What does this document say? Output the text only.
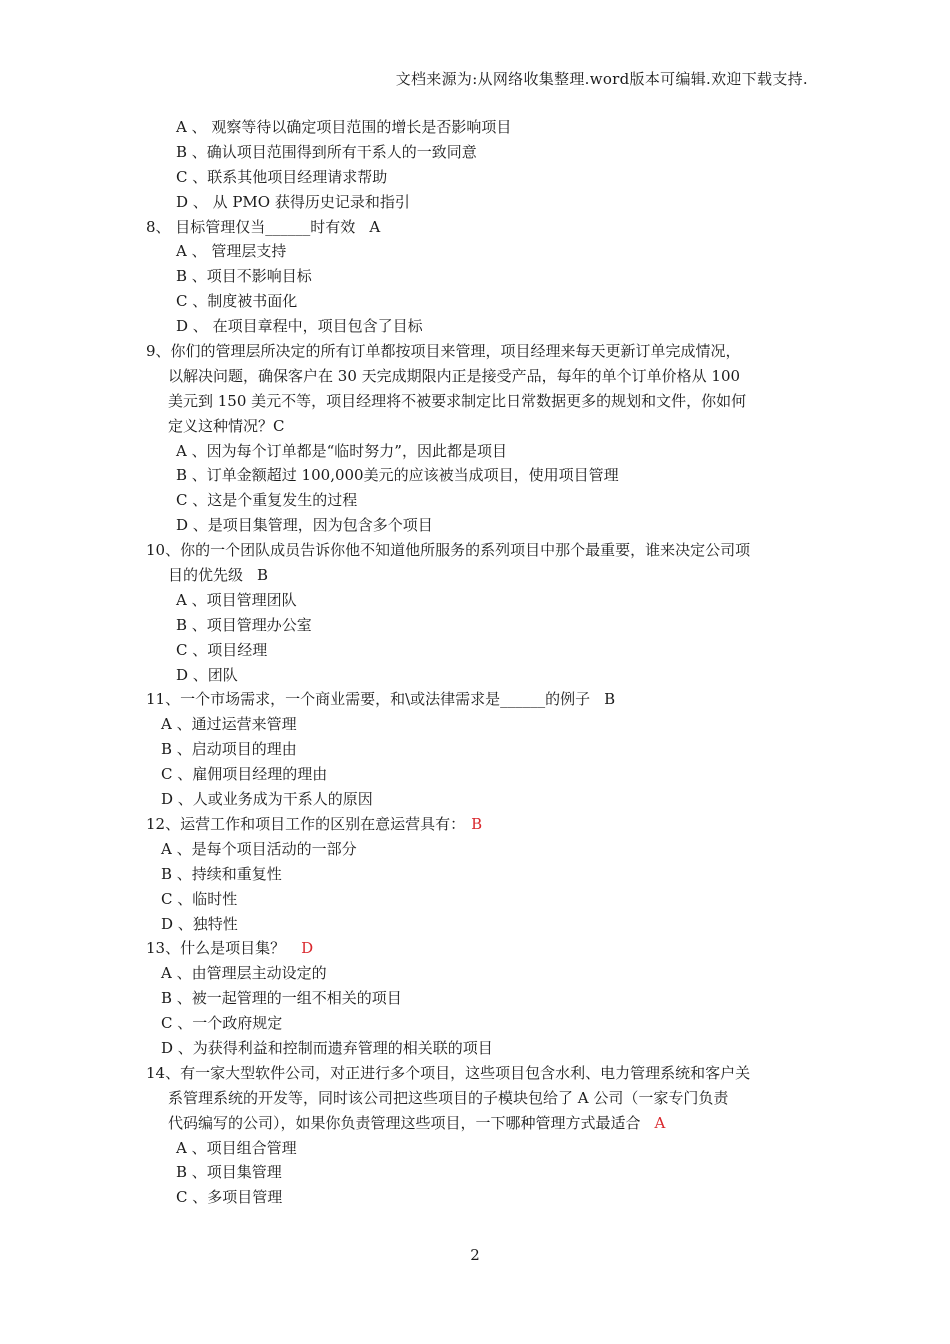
文档来源为:从网络收集整理.word版本可编辑.欢迎下载支持.
A 、 观察等待以确定项目范围的增长是否影响项目
B 、确认项目范围得到所有干系人的一致同意
C 、联系其他项目经理请求帮助
D 、 从 PMO 获得历史记录和指引
8、 目标管理仅当______时有效 A
A 、 管理层支持
B 、项目不影响目标
C 、制度被书面化
D 、 在项目章程中，项目包含了目标
9、你们的管理层所决定的所有订单都按项目来管理，项目经理来每天更新订单完成情况，
以解决问题，确保客户在 30 天完成期限内正是接受产品，每年的单个订单价格从 100
美元到 150 美元不等，项目经理将不被要求制定比日常数据更多的规划和文件，你如何
定义这种情况？C
A 、因为每个订单都是“临时努力”，因此都是项目
B 、订单金额超过 100,000美元的应该被当成项目，使用项目管理
C 、这是个重复发生的过程
D 、是项目集管理，因为包含多个项目
10、你的一个团队成员告诉你他不知道他所服务的系列项目中那个最重要，谁来决定公司项
目的优先级 B
A 、项目管理团队
B 、项目管理办公室
C 、项目经理
D 、团队
11、一个市场需求，一个商业需要，和\或法律需求是______的例子 B
A 、通过运营来管理
B 、启动项目的理由
C 、雇佣项目经理的理由
D 、人或业务成为干系人的原因
12、运营工作和项目工作的区别在意运营具有： B
A 、是每个项目活动的一部分
B 、持续和重复性
C 、临时性
D 、独特性
13、什么是项目集？ D
A 、由管理层主动设定的
B 、被一起管理的一组不相关的项目
C 、一个政府规定
D 、为获得利益和控制而遗弃管理的相关联的项目
14、有一家大型软件公司，对正进行多个项目，这些项目包含水利、电力管理系统和客户关
系管理系统的开发等，同时该公司把这些项目的子模块包给了 A 公司（一家专门负责
代码编写的公司），如果你负责管理这些项目，一下哪种管理方式最适合 A
A 、项目组合管理
B 、项目集管理
C 、多项目管理
2
